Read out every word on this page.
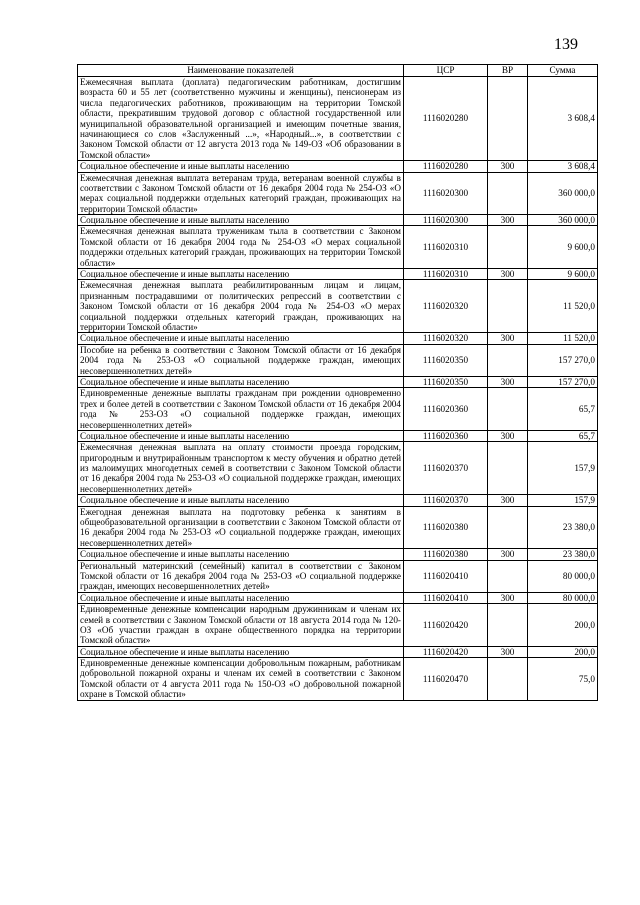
139
Наименование показателей	ЦСР	ВР	Сумма
Ежемесячная выплата (доплата) педагогическим работникам, достигшим возраста 60 и 55 лет (соответственно мужчины и женщины), пенсионерам из числа педагогических работников, проживающим на территории Томской области, прекратившим трудовой договор с областной государственной или муниципальной образовательной организацией и имеющим почетные звания, начинающиеся со слов «Заслуженный ...», «Народный...», в соответствии с Законом Томской области от 12 августа 2013 года № 149-ОЗ «Об образовании в Томской области»	1116020280		3 608,4
Социальное обеспечение и иные выплаты населению	1116020280	300	3 608,4
Ежемесячная денежная выплата ветеранам труда, ветеранам военной службы в соответствии с Законом Томской области от 16 декабря 2004 года № 254-ОЗ «О мерах социальной поддержки отдельных категорий граждан, проживающих на территории Томской области»	1116020300		360 000,0
Социальное обеспечение и иные выплаты населению	1116020300	300	360 000,0
Ежемесячная денежная выплата труженикам тыла в соответствии с Законом Томской области от 16 декабря 2004 года № 254-ОЗ «О мерах социальной поддержки отдельных категорий граждан, проживающих на территории Томской области»	1116020310		9 600,0
Социальное обеспечение и иные выплаты населению	1116020310	300	9 600,0
Ежемесячная денежная выплата реабилитированным лицам и лицам, признанным пострадавшими от политических репрессий в соответствии с Законом Томской области от 16 декабря 2004 года № 254-ОЗ «О мерах социальной поддержки отдельных категорий граждан, проживающих на территории Томской области»	1116020320		11 520,0
Социальное обеспечение и иные выплаты населению	1116020320	300	11 520,0
Пособие на ребенка в соответствии с Законом Томской области от 16 декабря 2004 года № 253-ОЗ «О социальной поддержке граждан, имеющих несовершеннолетних детей»	1116020350		157 270,0
Социальное обеспечение и иные выплаты населению	1116020350	300	157 270,0
Единовременные денежные выплаты гражданам при рождении одновременно трех и более детей в соответствии с Законом Томской области от 16 декабря 2004 года № 253-ОЗ «О социальной поддержке граждан, имеющих несовершеннолетних детей»	1116020360		65,7
Социальное обеспечение и иные выплаты населению	1116020360	300	65,7
Ежемесячная денежная выплата на оплату стоимости проезда городским, пригородным и внутрирайонным транспортом к месту обучения и обратно детей из малоимущих многодетных семей в соответствии с Законом Томской области от 16 декабря 2004 года № 253-ОЗ «О социальной поддержке граждан, имеющих несовершеннолетних детей»	1116020370		157,9
Социальное обеспечение и иные выплаты населению	1116020370	300	157,9
Ежегодная денежная выплата на подготовку ребенка к занятиям в общеобразовательной организации в соответствии с Законом Томской области от 16 декабря 2004 года № 253-ОЗ «О социальной поддержке граждан, имеющих несовершеннолетних детей»	1116020380		23 380,0
Социальное обеспечение и иные выплаты населению	1116020380	300	23 380,0
Региональный материнский (семейный) капитал в соответствии с Законом Томской области от 16 декабря 2004 года № 253-ОЗ «О социальной поддержке граждан, имеющих несовершеннолетних детей»	1116020410		80 000,0
Социальное обеспечение и иные выплаты населению	1116020410	300	80 000,0
Единовременные денежные компенсации народным дружинникам и членам их семей в соответствии с Законом Томской области от 18 августа 2014 года № 120-ОЗ «Об участии граждан в охране общественного порядка на территории Томской области»	1116020420		200,0
Социальное обеспечение и иные выплаты населению	1116020420	300	200,0
Единовременные денежные компенсации добровольным пожарным, работникам добровольной пожарной охраны и членам их семей в соответствии с Законом Томской области от 4 августа 2011 года № 150-ОЗ «О добровольной пожарной охране в Томской области»	1116020470		75,0
